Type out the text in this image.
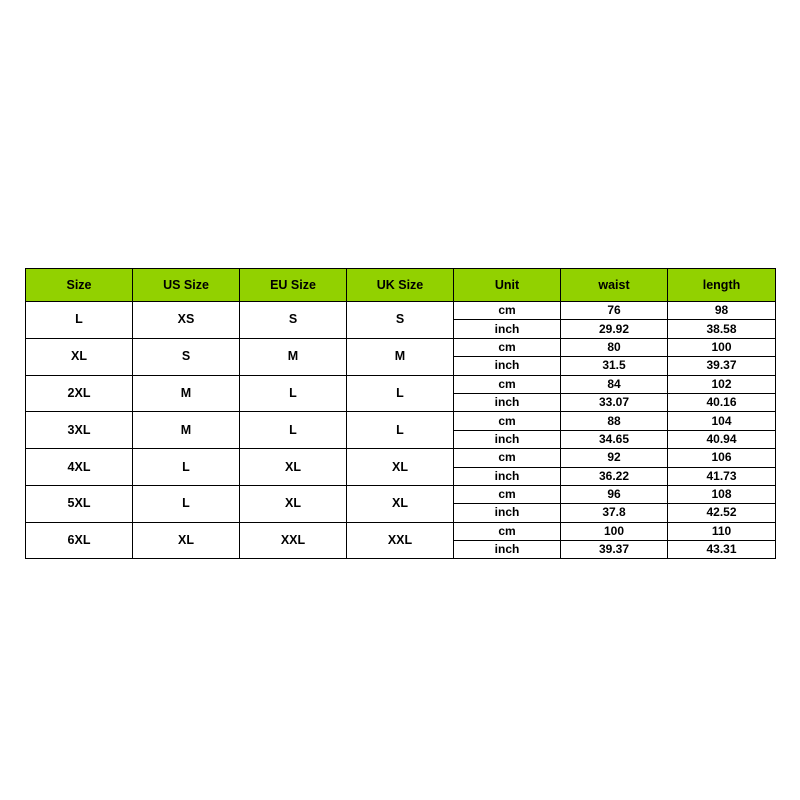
Size	US Size	EU Size	UK Size	Unit	waist	length
L	XS	S	S	cm	76	98
				inch	29.92	38.58
XL	S	M	M	cm	80	100
				inch	31.5	39.37
2XL	M	L	L	cm	84	102
				inch	33.07	40.16
3XL	M	L	L	cm	88	104
				inch	34.65	40.94
4XL	L	XL	XL	cm	92	106
				inch	36.22	41.73
5XL	L	XL	XL	cm	96	108
				inch	37.8	42.52
6XL	XL	XXL	XXL	cm	100	110
				inch	39.37	43.31
